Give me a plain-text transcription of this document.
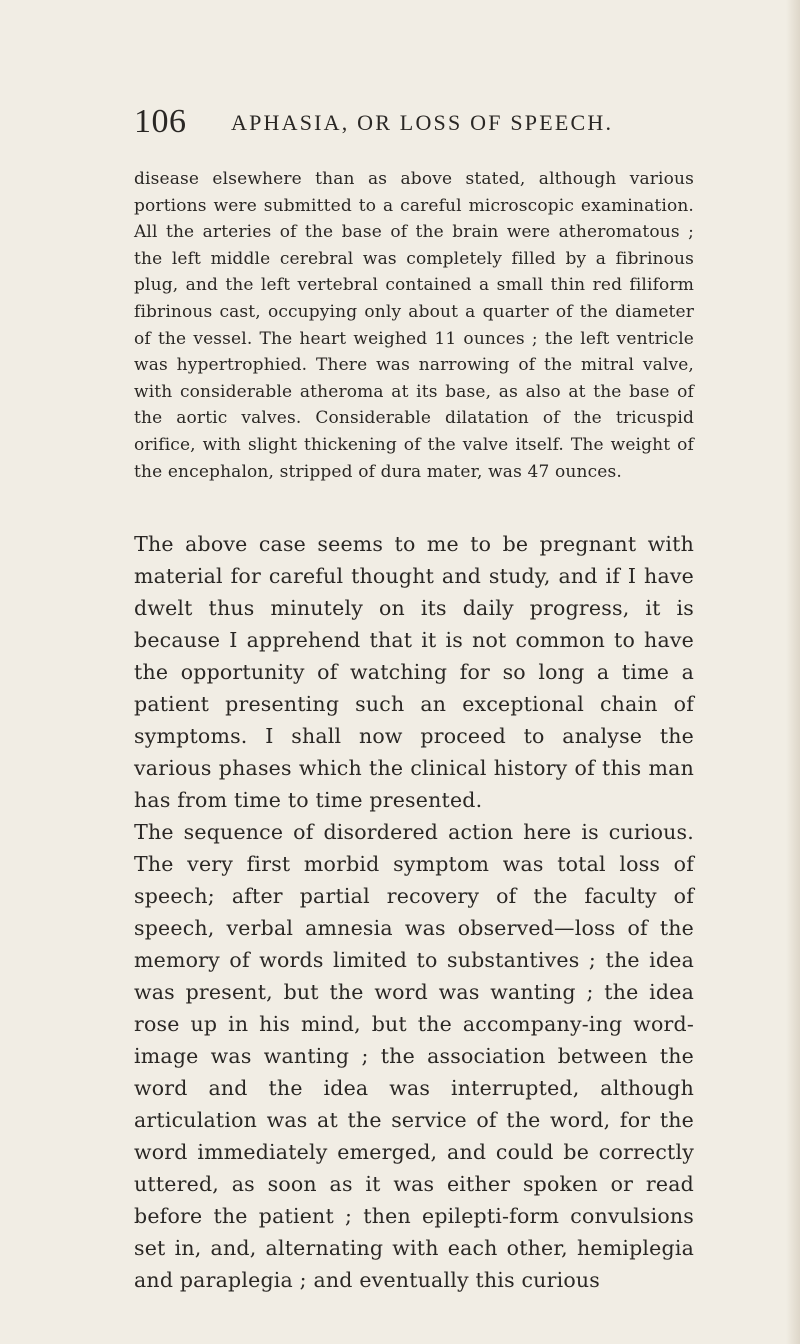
106 APHASIA, OR LOSS OF SPEECH.

disease elsewhere than as above stated, although various portions were submitted to a careful microscopic examination. All the arteries of the base of the brain were atheromatous ; the left middle cerebral was completely filled by a fibrinous plug, and the left vertebral contained a small thin red filiform fibrinous cast, occupying only about a quarter of the diameter of the vessel. The heart weighed 11 ounces ; the left ventricle was hypertrophied. There was narrowing of the mitral valve, with considerable atheroma at its base, as also at the base of the aortic valves. Considerable dilatation of the tricuspid orifice, with slight thickening of the valve itself. The weight of the encephalon, stripped of dura mater, was 47 ounces.

The above case seems to me to be pregnant with material for careful thought and study, and if I have dwelt thus minutely on its daily progress, it is because I apprehend that it is not common to have the opportunity of watching for so long a time a patient presenting such an exceptional chain of symptoms. I shall now proceed to analyse the various phases which the clinical history of this man has from time to time presented.

The sequence of disordered action here is curious. The very first morbid symptom was total loss of speech; after partial recovery of the faculty of speech, verbal amnesia was observed—loss of the memory of words limited to substantives ; the idea was present, but the word was wanting ; the idea rose up in his mind, but the accompany-ing word-image was wanting ; the association between the word and the idea was interrupted, although articulation was at the service of the word, for the word immediately emerged, and could be correctly uttered, as soon as it was either spoken or read before the patient ; then epilepti-form convulsions set in, and, alternating with each other, hemiplegia and paraplegia ; and eventually this curious
